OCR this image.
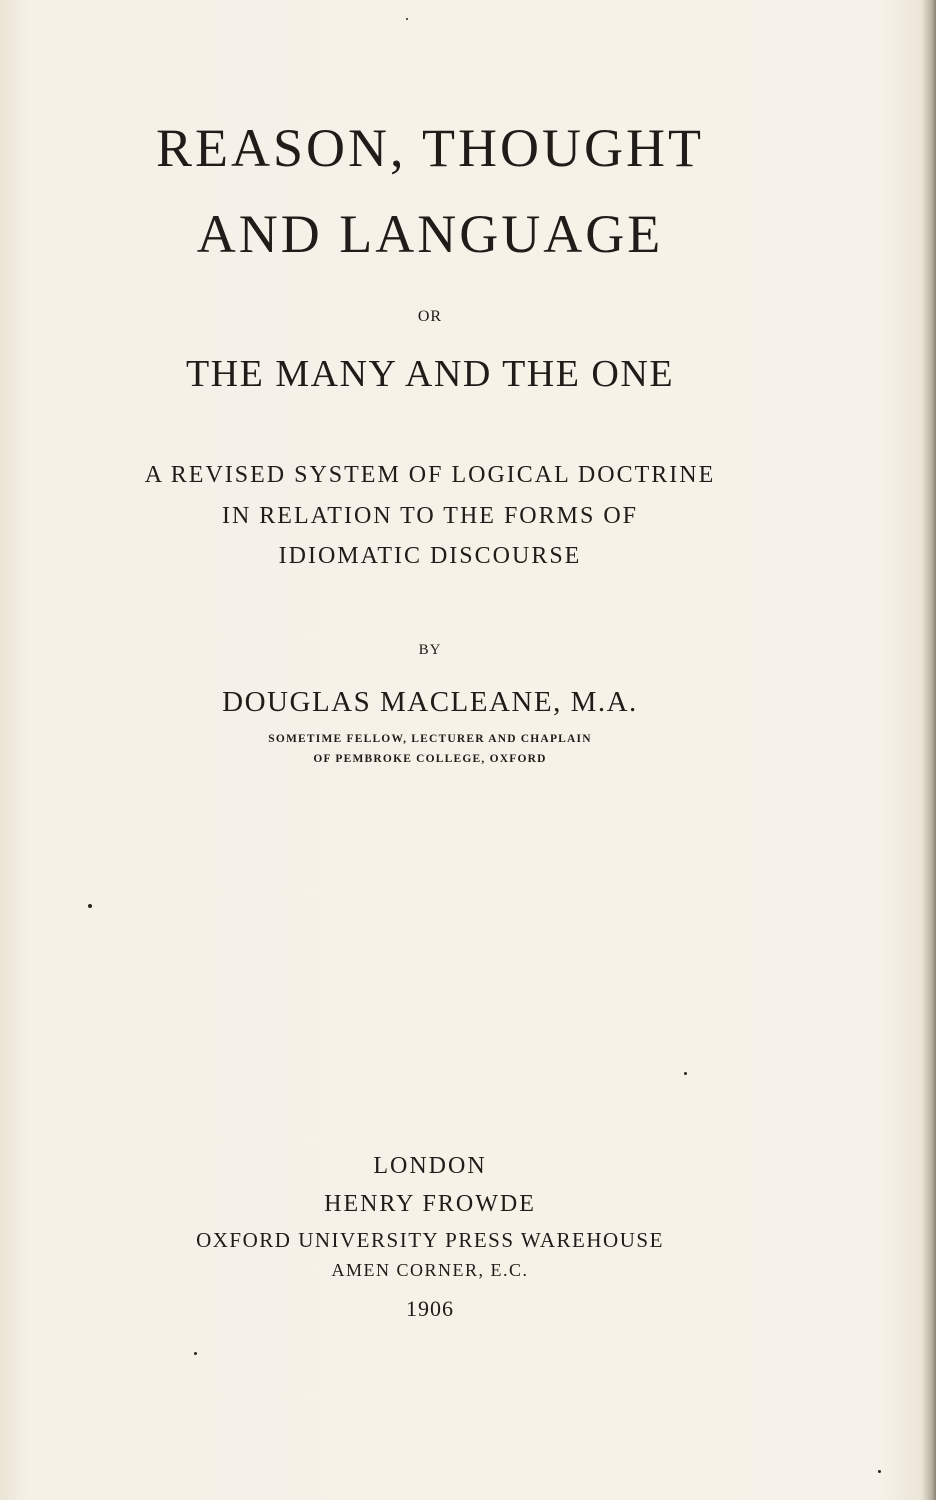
REASON, THOUGHT
AND LANGUAGE
OR
THE MANY AND THE ONE
A REVISED SYSTEM OF LOGICAL DOCTRINE
IN RELATION TO THE FORMS OF
IDIOMATIC DISCOURSE
BY
DOUGLAS MACLEANE, M.A.
SOMETIME FELLOW, LECTURER AND CHAPLAIN
OF PEMBROKE COLLEGE, OXFORD
LONDON
HENRY FROWDE
OXFORD UNIVERSITY PRESS WAREHOUSE
AMEN CORNER, E.C.
1906
